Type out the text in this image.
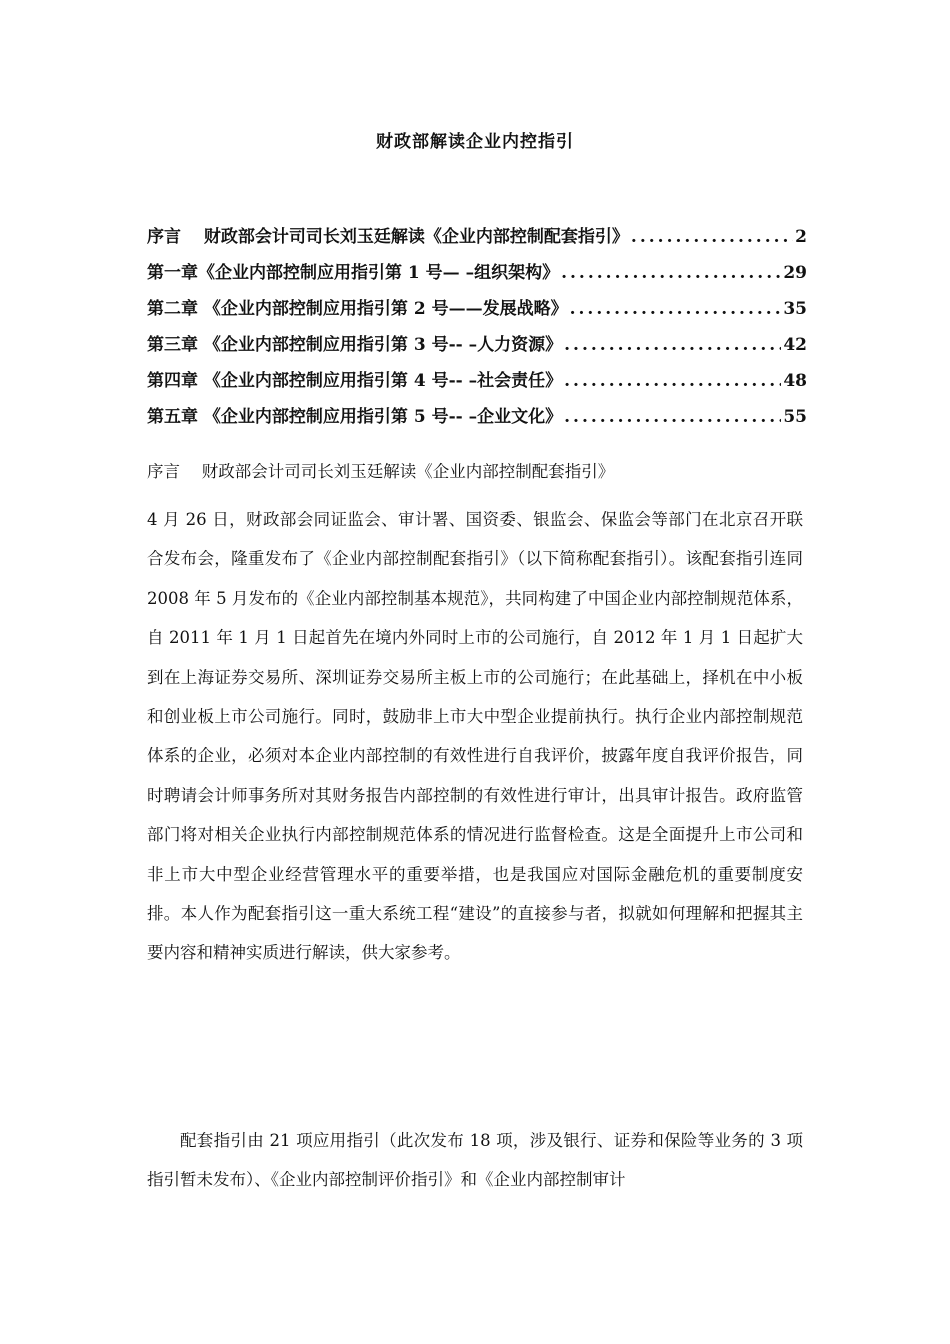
财政部解读企业内控指引
序言　 财政部会计司司长刘玉廷解读《企业内部控制配套指引》 .....	2
第一章《企业内部控制应用指引第 1 号— –组织架构》 .....	29
第二章 《企业内部控制应用指引第 2 号——发展战略》 .....	35
第三章 《企业内部控制应用指引第 3 号-- –人力资源》 .....	42
第四章 《企业内部控制应用指引第 4 号-- –社会责任》 .....	48
第五章 《企业内部控制应用指引第 5 号-- –企业文化》 .....	55
序言　 财政部会计司司长刘玉廷解读《企业内部控制配套指引》
4 月 26 日，财政部会同证监会、审计署、国资委、银监会、保监会等部门在北京召开联合发布会，隆重发布了《企业内部控制配套指引》（以下简称配套指引）。该配套指引连同 2008 年 5 月发布的《企业内部控制基本规范》，共同构建了中国企业内部控制规范体系，自 2011 年 1 月 1 日起首先在境内外同时上市的公司施行，自 2012 年 1 月 1 日起扩大到在上海证券交易所、深圳证券交易所主板上市的公司施行；在此基础上，择机在中小板和创业板上市公司施行。同时，鼓励非上市大中型企业提前执行。执行企业内部控制规范体系的企业，必须对本企业内部控制的有效性进行自我评价，披露年度自我评价报告，同时聘请会计师事务所对其财务报告内部控制的有效性进行审计，出具审计报告。政府监管部门将对相关企业执行内部控制规范体系的情况进行监督检查。这是全面提升上市公司和非上市大中型企业经营管理水平的重要举措，也是我国应对国际金融危机的重要制度安排。本人作为配套指引这一重大系统工程“建设”的直接参与者，拟就如何理解和把握其主要内容和精神实质进行解读，供大家参考。
配套指引由 21 项应用指引（此次发布 18 项，涉及银行、证券和保险等业务的 3 项指引暂未发布）、《企业内部控制评价指引》和《企业内部控制审计
